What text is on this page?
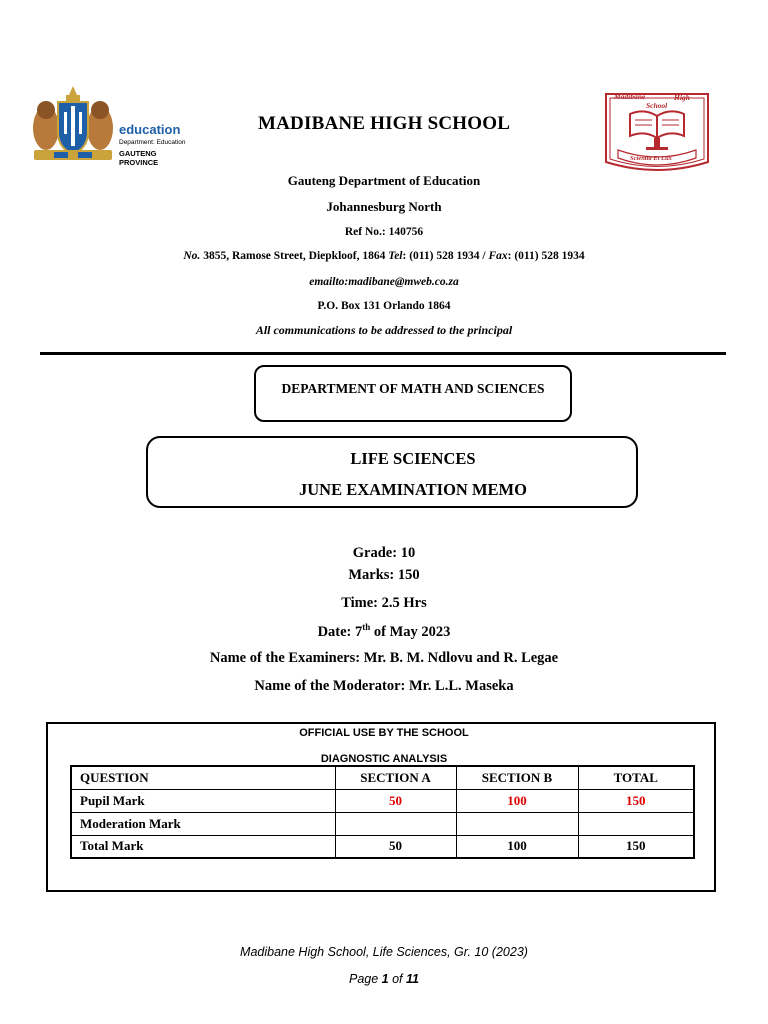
education
Department: Education
GAUTENG PROVINCE
Madibane	High
School
Scientia Et Lux
MADIBANE HIGH SCHOOL
Gauteng Department of Education
Johannesburg North
Ref No.: 140756
No. 3855, Ramose Street, Diepkloof, 1864 Tel: (011) 528 1934 / Fax: (011) 528 1934
emailto:madibane@mweb.co.za
P.O. Box 131 Orlando 1864
All communications to be addressed to the principal
DEPARTMENT OF MATH AND SCIENCES
LIFE SCIENCES
JUNE EXAMINATION MEMO
Grade: 10
Marks: 150
Time: 2.5 Hrs
Date: 7th of May 2023
Name of the Examiners: Mr. B. M. Ndlovu and R. Legae
Name of the Moderator: Mr. L.L. Maseka
OFFICIAL USE BY THE SCHOOL
DIAGNOSTIC ANALYSIS
QUESTION	SECTION A	SECTION B	TOTAL
Pupil Mark	50	100	150
Moderation Mark			
Total Mark	50	100	150
Madibane High School, Life Sciences, Gr. 10 (2023)
Page 1 of 11
